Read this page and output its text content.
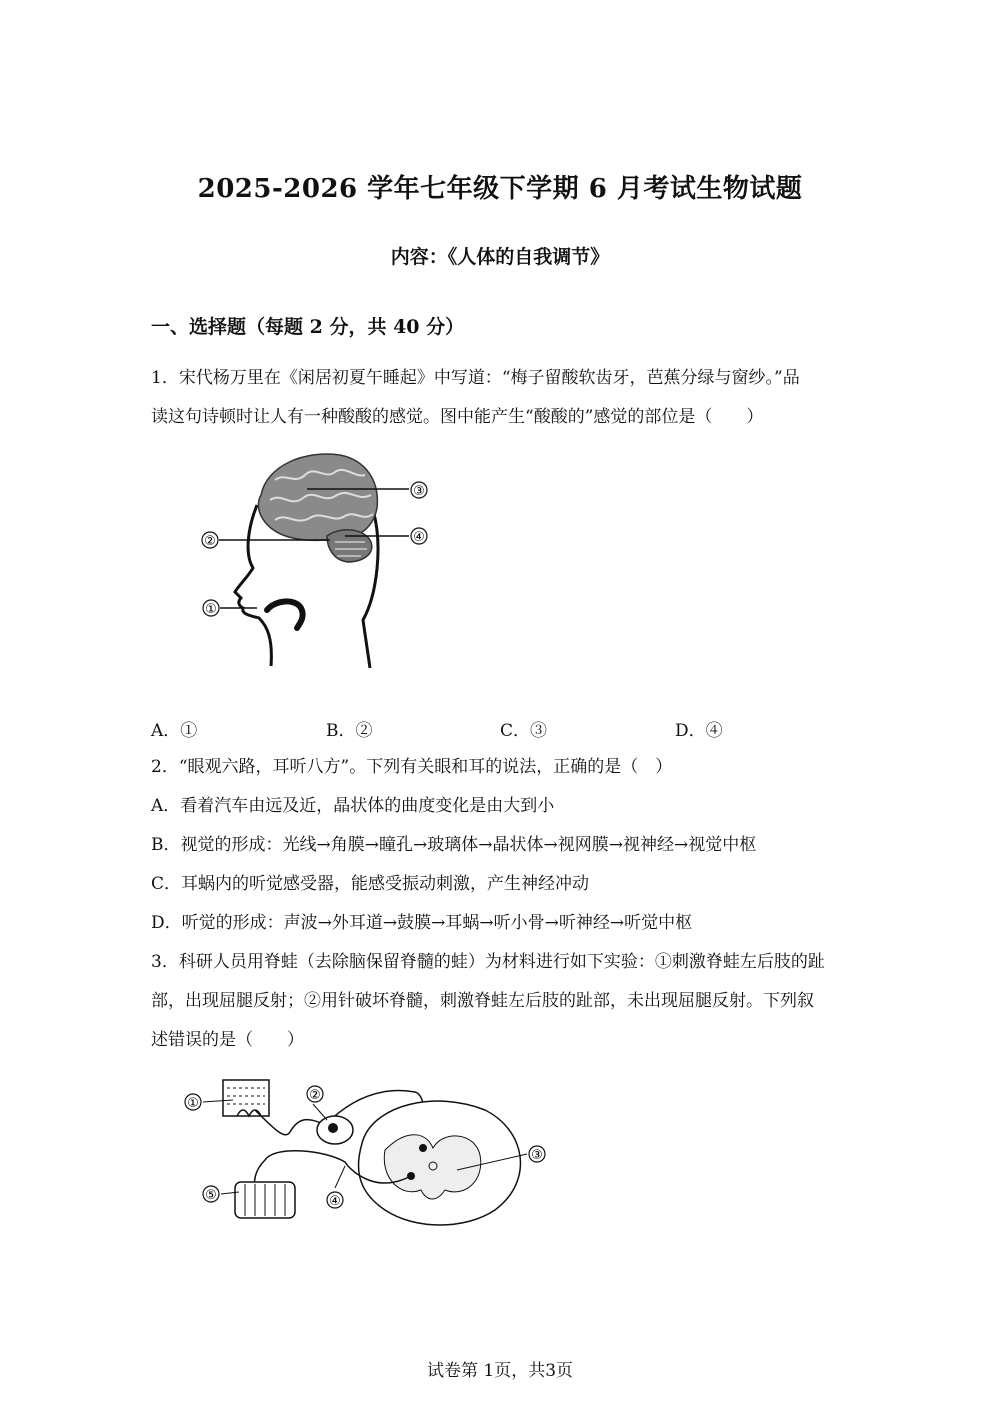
2025-2026 学年七年级下学期 6 月考试生物试题
内容：《人体的自我调节》
一、选择题（每题 2 分，共 40 分）
1．宋代杨万里在《闲居初夏午睡起》中写道：“梅子留酸软齿牙，芭蕉分绿与窗纱。”品
读这句诗顿时让人有一种酸酸的感觉。图中能产生“酸酸的”感觉的部位是（　　）
③
②	④
①
A．①	B．②	C．③	D．④
2．“眼观六路，耳听八方”。下列有关眼和耳的说法，正确的是（　）
A．看着汽车由远及近，晶状体的曲度变化是由大到小
B．视觉的形成：光线→角膜→瞳孔→玻璃体→晶状体→视网膜→视神经→视觉中枢
C．耳蜗内的听觉感受器，能感受振动刺激，产生神经冲动
D．听觉的形成：声波→外耳道→鼓膜→耳蜗→听小骨→听神经→听觉中枢
3．科研人员用脊蛙（去除脑保留脊髓的蛙）为材料进行如下实验：①刺激脊蛙左后肢的趾
部，出现屈腿反射；②用针破坏脊髓，刺激脊蛙左后肢的趾部，未出现屈腿反射。下列叙
述错误的是（　　）
①
②
③
④
⑤
试卷第 1页，共3页
